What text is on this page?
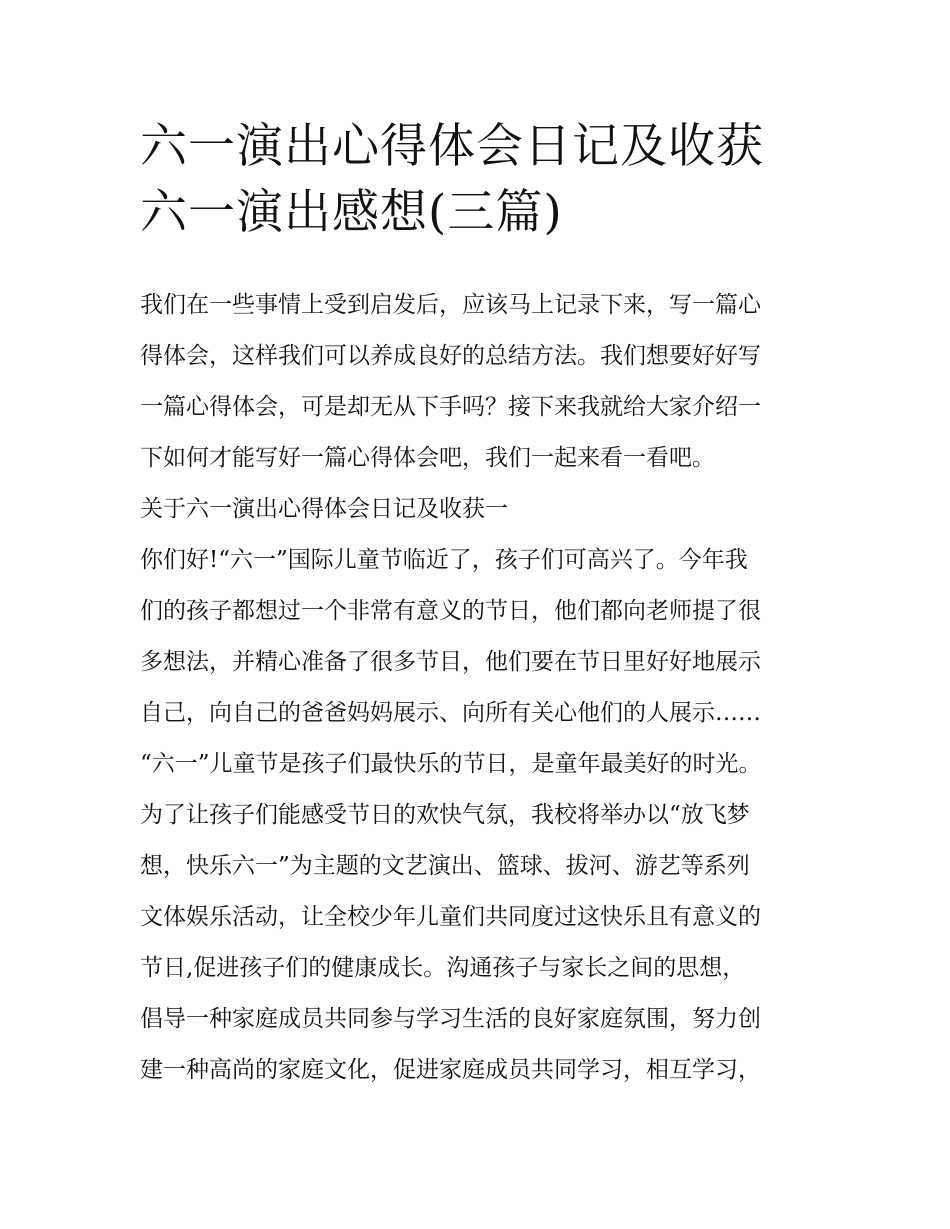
六一演出心得体会日记及收获
六一演出感想(三篇)
我们在一些事情上受到启发后，应该马上记录下来，写一篇心
得体会，这样我们可以养成良好的总结方法。我们想要好好写
一篇心得体会，可是却无从下手吗？接下来我就给大家介绍一
下如何才能写好一篇心得体会吧，我们一起来看一看吧。
关于六一演出心得体会日记及收获一
你们好!“六一”国际儿童节临近了，孩子们可高兴了。今年我
们的孩子都想过一个非常有意义的节日，他们都向老师提了很
多想法，并精心准备了很多节目，他们要在节日里好好地展示
自己，向自己的爸爸妈妈展示、向所有关心他们的人展示……
“六一”儿童节是孩子们最快乐的节日，是童年最美好的时光。
为了让孩子们能感受节日的欢快气氛，我校将举办以“放飞梦
想，快乐六一”为主题的文艺演出、篮球、拔河、游艺等系列
文体娱乐活动，让全校少年儿童们共同度过这快乐且有意义的
节日,促进孩子们的健康成长。沟通孩子与家长之间的思想，
倡导一种家庭成员共同参与学习生活的良好家庭氛围，努力创
建一种高尚的家庭文化，促进家庭成员共同学习，相互学习，
